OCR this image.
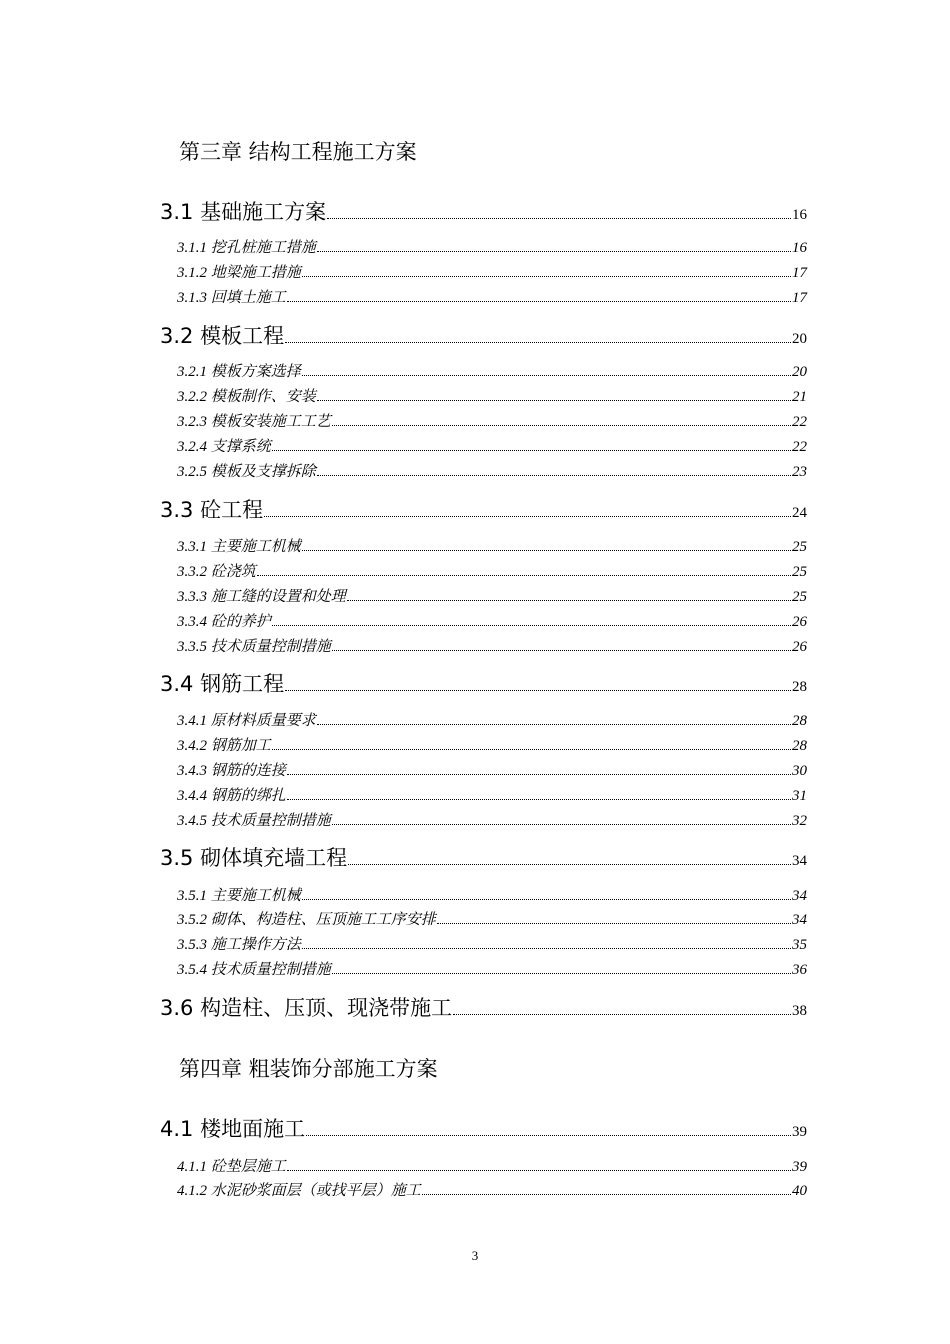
第三章 结构工程施工方案
第四章 粗装饰分部施工方案
3.1 基础施工方案	16
3.1.1 挖孔桩施工措施	16
3.1.2 地梁施工措施	17
3.1.3 回填土施工	17
3.2 模板工程	20
3.2.1 模板方案选择	20
3.2.2 模板制作、安装	21
3.2.3 模板安装施工工艺	22
3.2.4 支撑系统	22
3.2.5 模板及支撑拆除	23
3.3 砼工程	24
3.3.1 主要施工机械	25
3.3.2 砼浇筑	25
3.3.3 施工缝的设置和处理	25
3.3.4 砼的养护	26
3.3.5 技术质量控制措施	26
3.4 钢筋工程	28
3.4.1 原材料质量要求	28
3.4.2 钢筋加工	28
3.4.3 钢筋的连接	30
3.4.4 钢筋的绑扎	31
3.4.5 技术质量控制措施	32
3.5 砌体填充墙工程	34
3.5.1 主要施工机械	34
3.5.2 砌体、构造柱、压顶施工工序安排	34
3.5.3 施工操作方法	35
3.5.4 技术质量控制措施	36
3.6 构造柱、压顶、现浇带施工	38
4.1 楼地面施工	39
4.1.1 砼垫层施工	39
4.1.2 水泥砂浆面层（或找平层）施工	40
3
